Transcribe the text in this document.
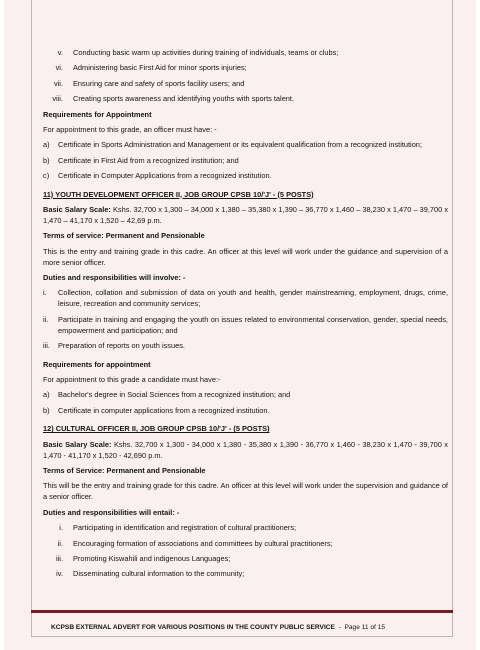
v.	Conducting basic warm up activities during training of individuals, teams or clubs;
vi.	Administering basic First Aid for minor sports injuries;
vii.	Ensuring care and safety of sports facility users; and
viii.	Creating sports awareness and identifying youths with sports talent.
Requirements for Appointment
For appointment to this grade, an officer must have: -
a)	Certificate in Sports Administration and Management or its equivalent qualification from a recognized institution;
b)	Certificate in First Aid from a recognized institution; and
c)	Certificate in Computer Applications from a recognized institution.
11) YOUTH DEVELOPMENT OFFICER II, JOB GROUP CPSB 10/'J' - (5 POSTS)
Basic Salary Scale: Kshs. 32,700 x 1,300 – 34,000 x 1,380 – 35,380 x 1,390 – 36,770 x 1,460 – 38,230 x 1,470 – 39,700 x 1,470 – 41,170 x 1,520 – 42,69 p.m.
Terms of service: Permanent and Pensionable
This is the entry and training grade in this cadre. An officer at this level will work under the guidance and supervision of a more senior officer.
Duties and responsibilities will involve: -
i.	Collection, collation and submission of data on youth and health, gender mainstreaming, employment, drugs, crime, leisure, recreation and community services;
ii.	Participate in training and engaging the youth on issues related to environmental conservation, gender, special needs, empowerment and participation; and
iii.	Preparation of reports on youth issues.
Requirements for appointment
For appointment to this grade a candidate must have:-
a)	Bachelor's degree in Social Sciences from a recognized institution; and
b)	Certificate in computer applications from a recognized institution.
12) CULTURAL OFFICER II, JOB GROUP CPSB 10/'J' - (5 POSTS)
Basic Salary Scale: Kshs. 32,700 x 1,300 - 34,000 x 1,380 - 35,380 x 1,390 - 36,770 x 1,460 - 38,230 x 1,470 - 39,700 x 1,470 - 41,170 x 1,520 - 42,690 p.m.
Terms of Service: Permanent and Pensionable
This will be the entry and training grade for this cadre. An officer at this level will work under the supervision and guidance of a senior officer.
Duties and responsibilities will entail: -
i.	Participating in identification and registration of cultural practitioners;
ii.	Encouraging formation of associations and committees by cultural practitioners;
iii.	Promoting Kiswahili and indigenous Languages;
iv.	Disseminating cultural information to the community;
KCPSB EXTERNAL ADVERT FOR VARIOUS POSITIONS IN THE COUNTY PUBLIC SERVICE - Page 11 of 15
